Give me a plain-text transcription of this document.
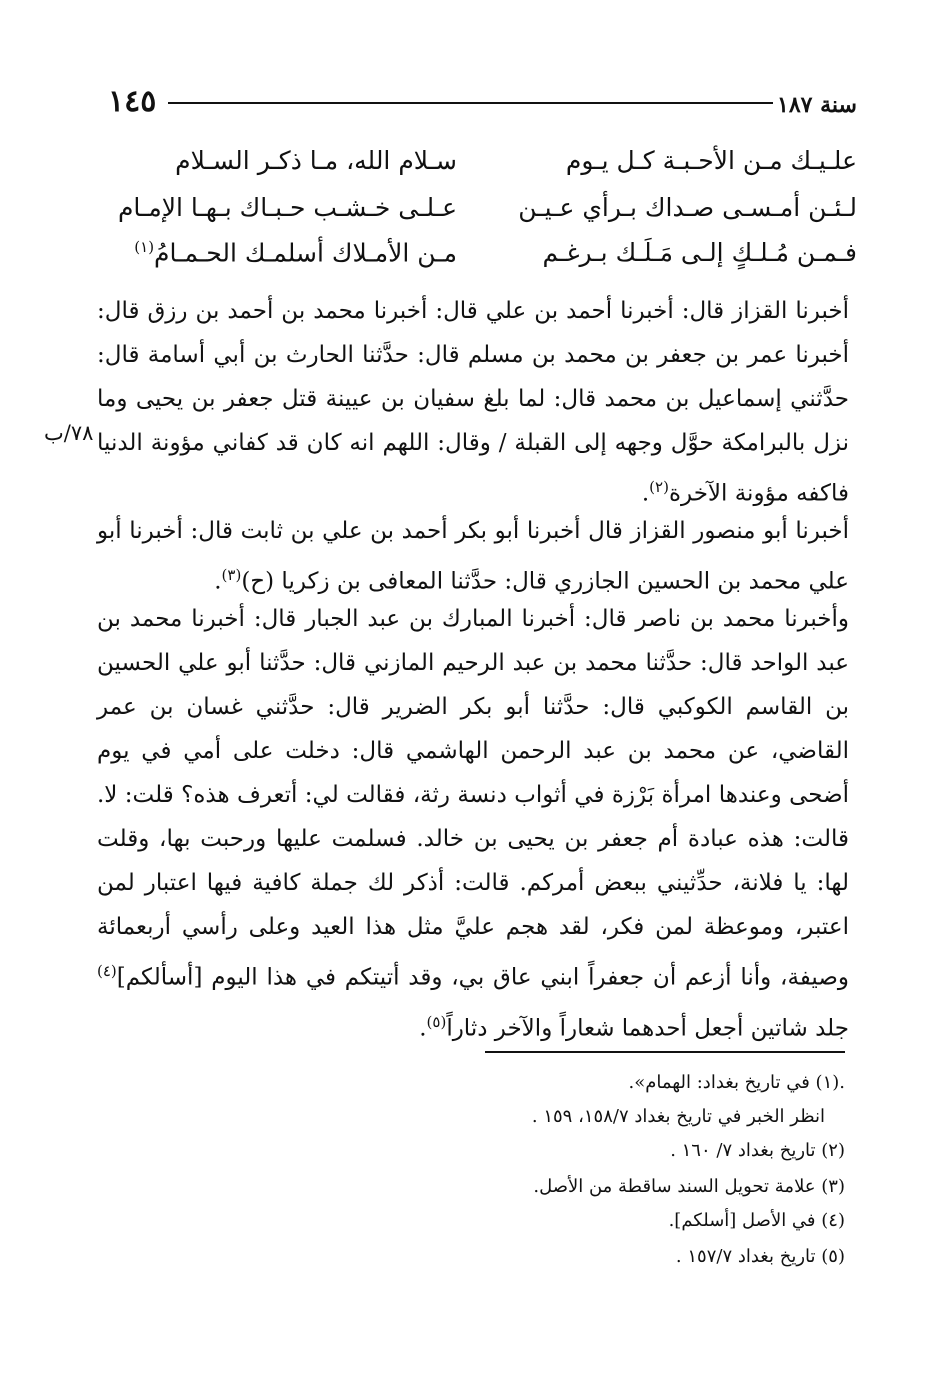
١٤٥	سنة ١٨٧
علـيـك مـن الأحـبـة كـل يـوم
سـلام الله، مـا ذكـر السـلام
لـئـن أمـسـى صـداك بـرأي عـيـن
عـلـى خـشـب حـبـاك بـهـا الإمـام
فـمـن مُـلـكٍ إلـى مَـلَـك بـرغـم
مـن الأمـلاك أسلمـك الحـمـامُ$^{(١)}$
أخبرنا القزاز قال: أخبرنا أحمد بن علي قال: أخبرنا محمد بن أحمد بن رزق قال: أخبرنا عمر بن جعفر بن محمد بن مسلم قال: حدَّثنا الحارث بن أبي أسامة قال: حدَّثني إسماعيل بن محمد قال: لما بلغ سفيان بن عيينة قتل جعفر بن يحيى وما نزل بالبرامكة حوَّل وجهه إلى القبلة / وقال: اللهم انه كان قد كفاني مؤونة الدنيا فاكفه مؤونة الآخرة$^{(٢)}$.
٧٨/ب
أخبرنا أبو منصور القزاز قال أخبرنا أبو بكر أحمد بن علي بن ثابت قال: أخبرنا أبو علي محمد بن الحسين الجازري قال: حدَّثنا المعافى بن زكريا (ح)$^{(٣)}$.
وأخبرنا محمد بن ناصر قال: أخبرنا المبارك بن عبد الجبار قال: أخبرنا محمد بن عبد الواحد قال: حدَّثنا محمد بن عبد الرحيم المازني قال: حدَّثنا أبو علي الحسين بن القاسم الكوكبي قال: حدَّثنا أبو بكر الضرير قال: حدَّثني غسان بن عمر القاضي، عن محمد بن عبد الرحمن الهاشمي قال: دخلت على أمي في يوم أضحى وعندها امرأة بَرْزة في أثواب دنسة رثة، فقالت لي: أتعرف هذه؟ قلت: لا. قالت: هذه عبادة أم جعفر بن يحيى بن خالد. فسلمت عليها ورحبت بها، وقلت لها: يا فلانة، حدِّثيني ببعض أمركم. قالت: أذكر لك جملة كافية فيها اعتبار لمن اعتبر، وموعظة لمن فكر، لقد هجم عليَّ مثل هذا العيد وعلى رأسي أربعمائة وصيفة، وأنا أزعم أن جعفراً ابني عاق بي، وقد أتيتكم في هذا اليوم [أسألكم]$^{(٤)}$ جلد شاتين أجعل أحدهما شعاراً والآخر دثاراً$^{(٥)}$.
.(١) في تاريخ بغداد: الهمام».
انظر الخبر في تاريخ بغداد ١٥٨/٧، ١٥٩ .
(٢) تاريخ بغداد ٧/ ١٦٠ .
(٣) علامة تحويل السند ساقطة من الأصل.
(٤) في الأصل [أسلكم].
(٥) تاريخ بغداد ١٥٧/٧ .
